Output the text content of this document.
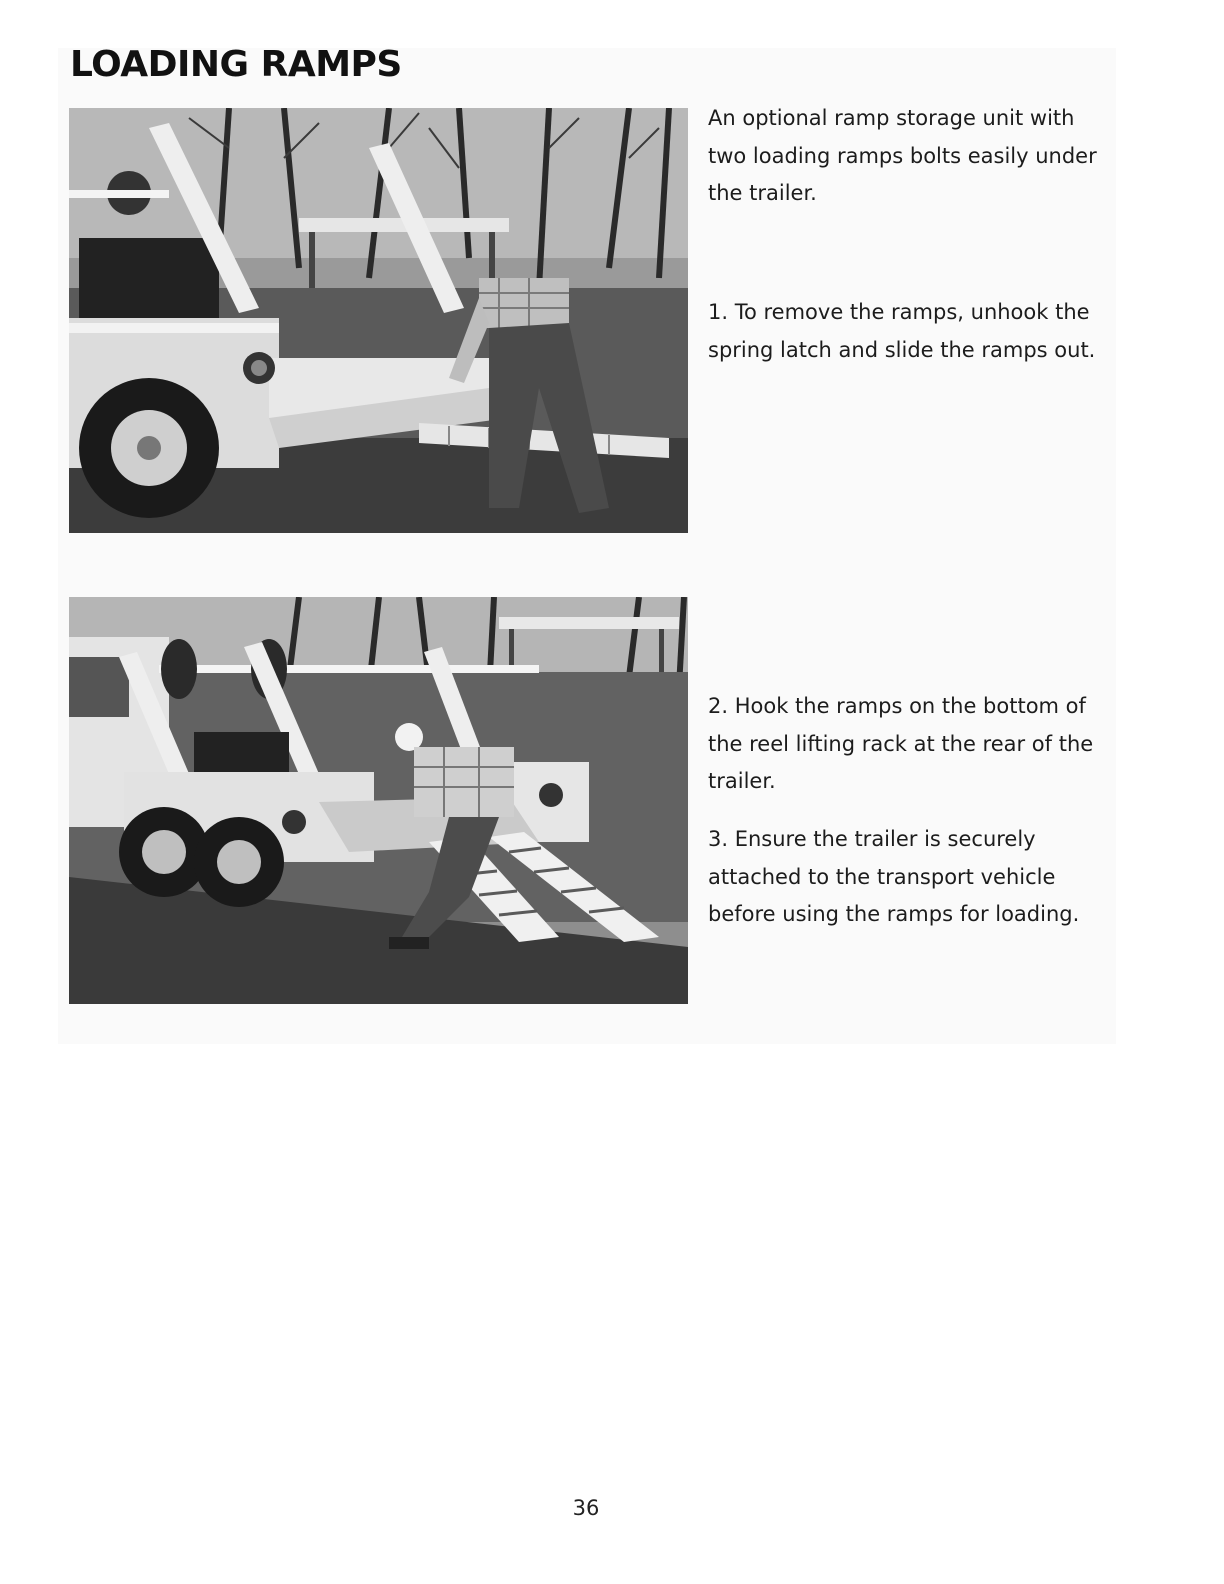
LOADING RAMPS

An optional ramp storage unit with two loading ramps bolts easily under the trailer.

1. To remove the ramps, unhook the spring latch and slide the ramps out.

2. Hook the ramps on the bottom of the reel lifting rack at the rear of the trailer.

3. Ensure the trailer is securely attached to the transport vehicle before using the ramps for loading.

36
